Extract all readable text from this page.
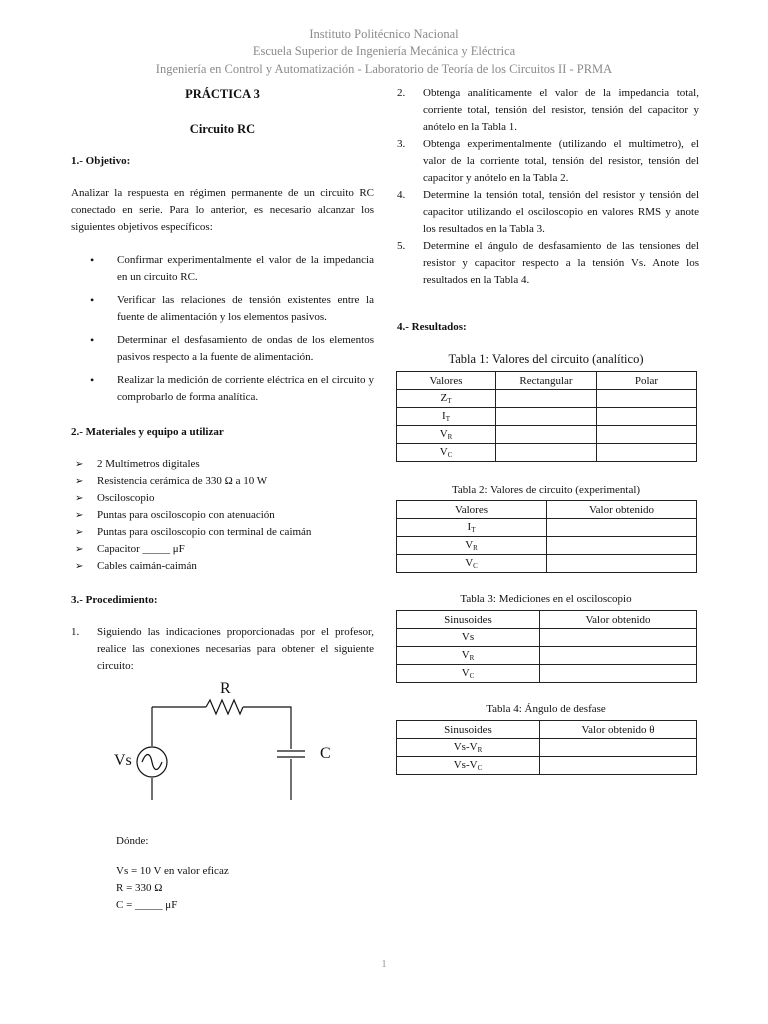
Instituto Politécnico Nacional
Escuela Superior de Ingeniería Mecánica y Eléctrica
Ingeniería en Control y Automatización - Laboratorio de Teoría de los Circuitos II - PRMA
PRÁCTICA 3
Circuito RC
1.- Objetivo:
Analizar la respuesta en régimen permanente de un circuito RC conectado en serie. Para lo anterior, es necesario alcanzar los siguientes objetivos específicos:
• Confirmar experimentalmente el valor de la impedancia en un circuito RC.
• Verificar las relaciones de tensión existentes entre la fuente de alimentación y los elementos pasivos.
• Determinar el desfasamiento de ondas de los elementos pasivos respecto a la fuente de alimentación.
• Realizar la medición de corriente eléctrica en el circuito y comprobarlo de forma analítica.
2.- Materiales y equipo a utilizar
➢ 2 Multímetros digitales
➢ Resistencia cerámica de 330 Ω a 10 W
➢ Osciloscopio
➢ Puntas para osciloscopio con atenuación
➢ Puntas para osciloscopio con terminal de caimán
➢ Capacitor _____ μF
➢ Cables caimán-caimán
3.- Procedimiento:
1. Siguiendo las indicaciones proporcionadas por el profesor, realice las conexiones necesarias para obtener el siguiente circuito:
R
C
Vs
Dónde:
Vs = 10 V en valor eficaz
R = 330 Ω
C = _____ μF
2. Obtenga analíticamente el valor de la impedancia total, corriente total, tensión del resistor, tensión del capacitor y anótelo en la Tabla 1.
3. Obtenga experimentalmente (utilizando el multímetro), el valor de la corriente total, tensión del resistor, tensión del capacitor y anótelo en la Tabla 2.
4. Determine la tensión total, tensión del resistor y tensión del capacitor utilizando el osciloscopio en valores RMS y anote los resultados en la Tabla 3.
5. Determine el ángulo de desfasamiento de las tensiones del resistor y capacitor respecto a la tensión Vs. Anote los resultados en la Tabla 4.
4.- Resultados:
Tabla 1: Valores del circuito (analítico)
Valores	Rectangular	Polar
$Z_T$		
$I_T$		
$V_R$		
$V_C$		
Tabla 2: Valores de circuito (experimental)
Valores	Valor obtenido
$I_T$	
$V_R$	
$V_C$	
Tabla 3: Mediciones en el osciloscopio
Sinusoides	Valor obtenido
Vs	
$V_R$	
$V_C$	
Tabla 4: Ángulo de desfase
Sinusoides	Valor obtenido θ
$Vs-V_R$	
$Vs-V_C$	
1
